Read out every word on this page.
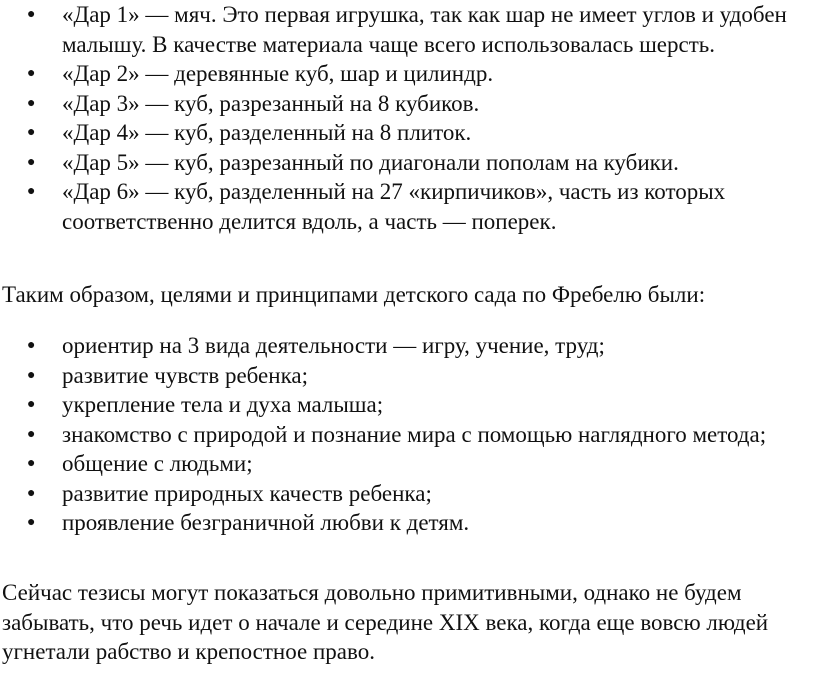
● «Дар 1» — мяч. Это первая игрушка, так как шар не имеет углов и удобен малышу. В качестве материала чаще всего использовалась шерсть.
● «Дар 2» — деревянные куб, шар и цилиндр.
● «Дар 3» — куб, разрезанный на 8 кубиков.
● «Дар 4» — куб, разделенный на 8 плиток.
● «Дар 5» — куб, разрезанный по диагонали пополам на кубики.
● «Дар 6» — куб, разделенный на 27 «кирпичиков», часть из которых соответственно делится вдоль, а часть — поперек.

Таким образом, целями и принципами детского сада по Фребелю были:

● ориентир на 3 вида деятельности — игру, учение, труд;
● развитие чувств ребенка;
● укрепление тела и духа малыша;
● знакомство с природой и познание мира с помощью наглядного метода;
● общение с людьми;
● развитие природных качеств ребенка;
● проявление безграничной любви к детям.

Сейчас тезисы могут показаться довольно примитивными, однако не будем забывать, что речь идет о начале и середине XIX века, когда еще вовсю людей угнетали рабство и крепостное право.
